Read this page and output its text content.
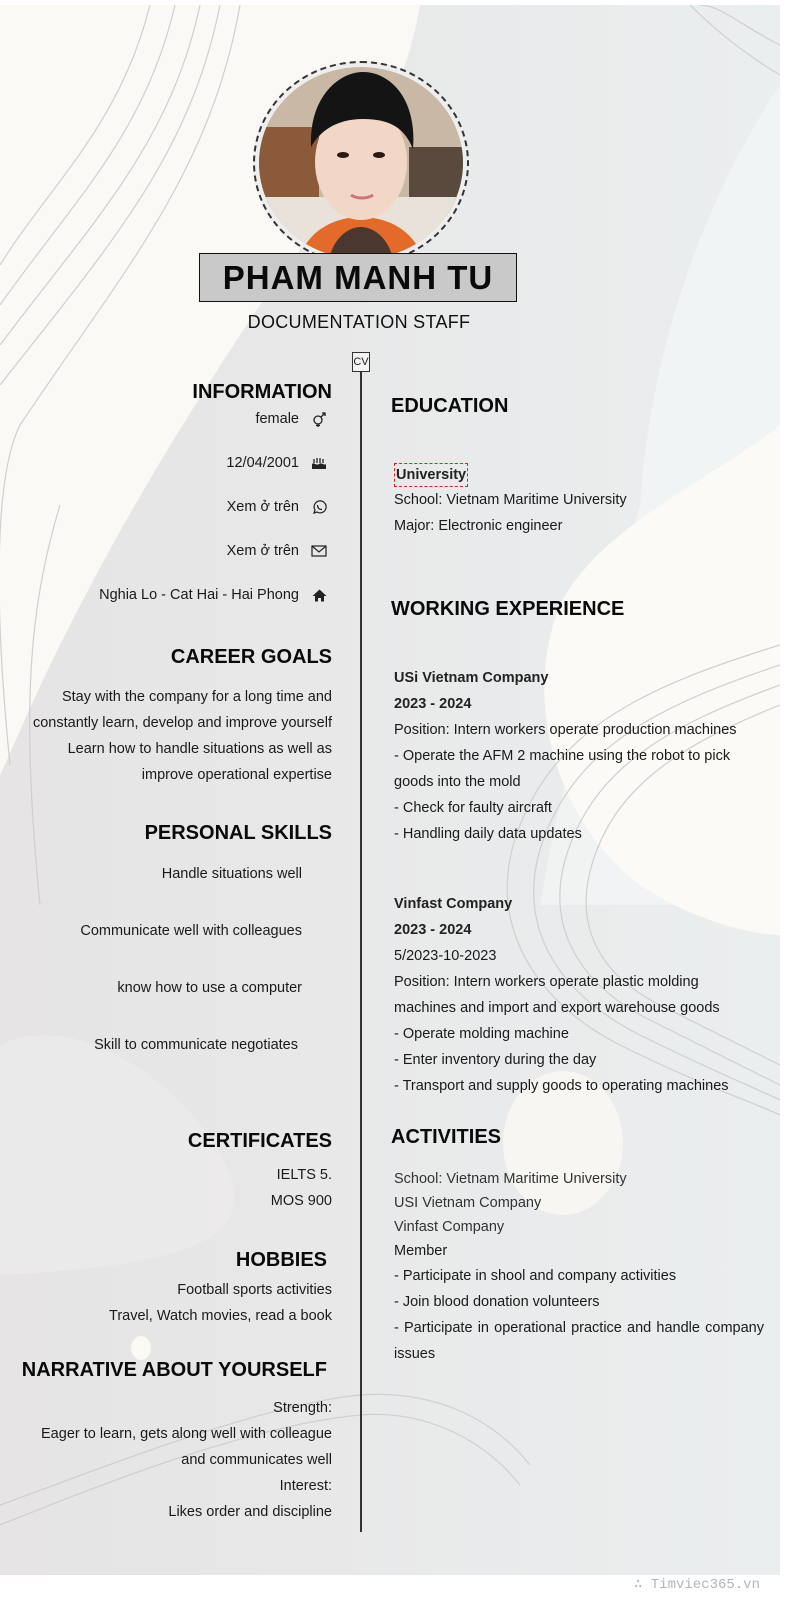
PHAM MANH TU
DOCUMENTATION STAFF
CV
INFORMATION
female
12/04/2001
Xem ở trên
Xem ở trên
Nghia Lo - Cat Hai - Hai Phong
CAREER GOALS
Stay with the company for a long time and
constantly learn, develop and improve yourself
Learn how to handle situations as well as
improve operational expertise
PERSONAL SKILLS
Handle situations well
Communicate well with colleagues
know how to use a computer
Skill to communicate negotiates
CERTIFICATES
IELTS 5.
MOS 900
HOBBIES
Football sports activities
Travel, Watch movies, read a book
NARRATIVE ABOUT YOURSELF
Strength:
Eager to learn, gets along well with colleague
and communicates well
Interest:
Likes order and discipline
EDUCATION
University
School: Vietnam Maritime University
Major: Electronic engineer
WORKING EXPERIENCE
USi Vietnam Company
2023 - 2024
Position: Intern workers operate production machines
- Operate the AFM 2 machine using the robot to pick goods into the mold
- Check for faulty aircraft
- Handling daily data updates
Vinfast Company
2023 - 2024
5/2023-10-2023
Position: Intern workers operate plastic molding machines and import and export warehouse goods
- Operate molding machine
- Enter inventory during the day
- Transport and supply goods to operating machines
ACTIVITIES
School: Vietnam Maritime University
USI Vietnam Company
Vinfast Company
Member
- Participate in shool and company activities
- Join blood donation volunteers
- Participate in operational practice and handle company issues
∴ Timviec365.vn
